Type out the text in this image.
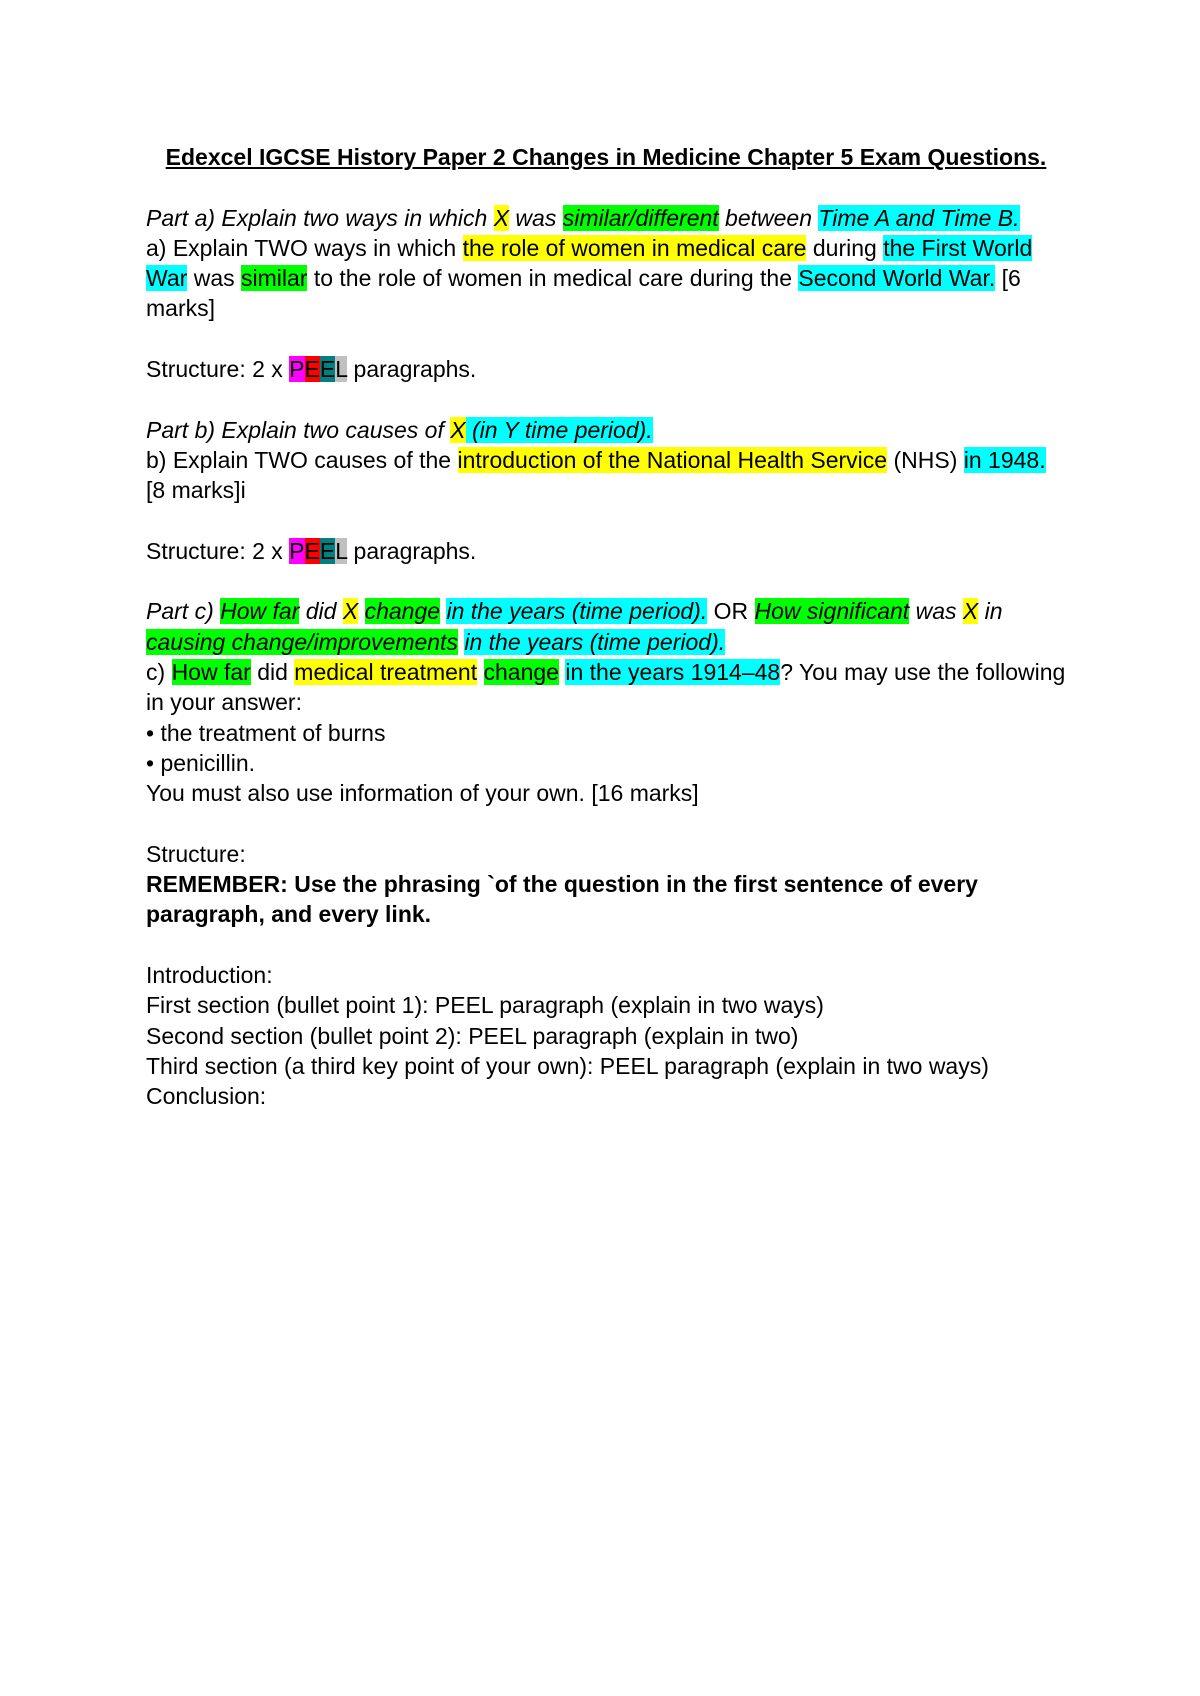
Edexcel IGCSE History Paper 2 Changes in Medicine Chapter 5 Exam Questions.

Part a) Explain two ways in which X was similar/different between Time A and Time B.

a) Explain TWO ways in which the role of women in medical care during the First World War was similar to the role of women in medical care during the Second World War. [6 marks]

Structure: 2 x PEEL paragraphs.

Part b) Explain two causes of X (in Y time period).

b) Explain TWO causes of the introduction of the National Health Service (NHS) in 1948. [8 marks]i

Structure: 2 x PEEL paragraphs.

Part c) How far did X change in the years (time period). OR How significant was X in causing change/improvements in the years (time period).

c) How far did medical treatment change in the years 1914–48? You may use the following in your answer:

• the treatment of burns

• penicillin.

You must also use information of your own. [16 marks]

Structure:

REMEMBER: Use the phrasing `of the question in the first sentence of every paragraph, and every link.

Introduction:

First section (bullet point 1): PEEL paragraph (explain in two ways)

Second section (bullet point 2): PEEL paragraph (explain in two)

Third section (a third key point of your own): PEEL paragraph (explain in two ways)

Conclusion:
